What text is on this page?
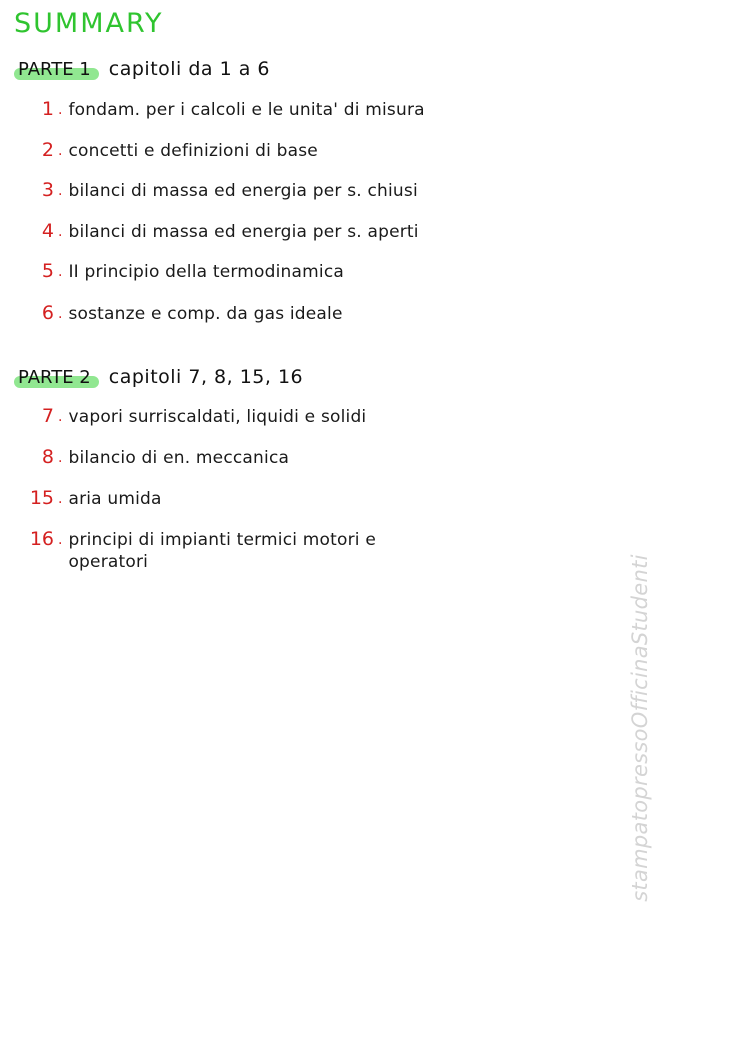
SUMMARY
PARTE 1 capitoli da 1 a 6
1 . fondam. per i calcoli e le unita' di misura
2 . concetti e definizioni di base
3 . bilanci di massa ed energia per s. chiusi
4 . bilanci di massa ed energia per s. aperti
5 . II principio della termodinamica
6 . sostanze e comp. da gas ideale
PARTE 2 capitoli 7, 8, 15, 16
7 . vapori surriscaldati, liquidi e solidi
8 . bilancio di en. meccanica
15 . aria umida
16 . principi di impianti termici motori e operatori	stampatopressoOfficinaStudenti
